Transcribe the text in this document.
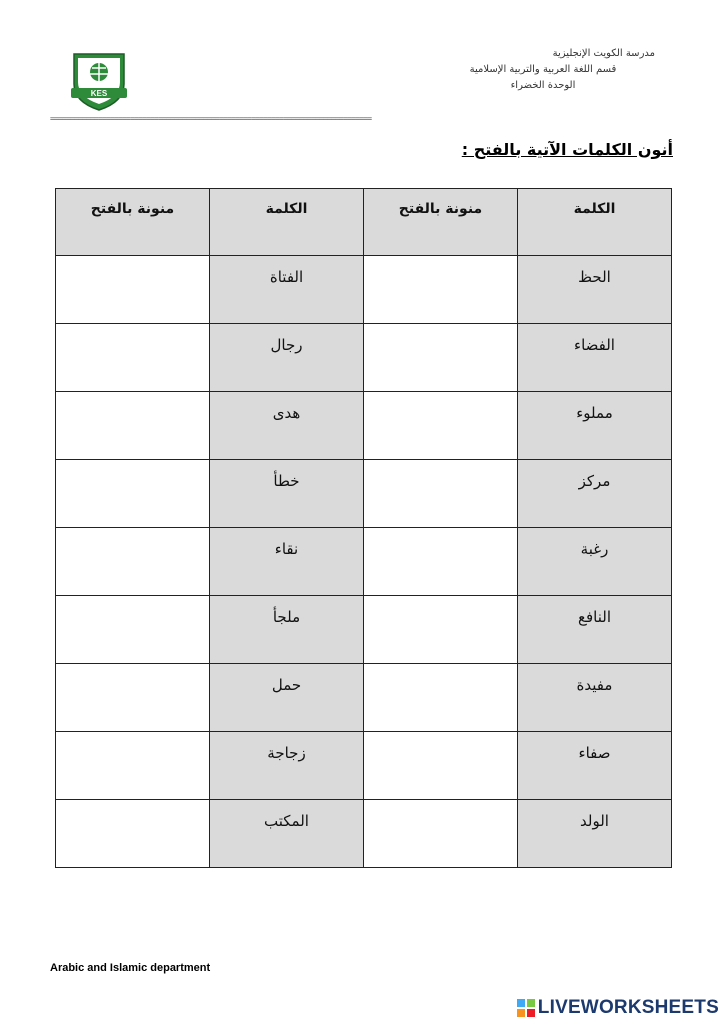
KES
مدرسة الكويت الإنجليزية
قسم اللغة العربية والتربية الإسلامية
الوحدة الخضراء
================================================================================
أنون الكلمات الآتية بالفتح :
الكلمة	منونة بالفتح	الكلمة	منونة بالفتح
الحظ		الفتاة	
الفضاء		رجال	
مملوء		هدى	
مركز		خطأ	
رغبة		نقاء	
النافع		ملجأ	
مفيدة		حمل	
صفاء		زجاجة	
الولد		المكتب	
Arabic and Islamic department
LIVEWORKSHEETS
